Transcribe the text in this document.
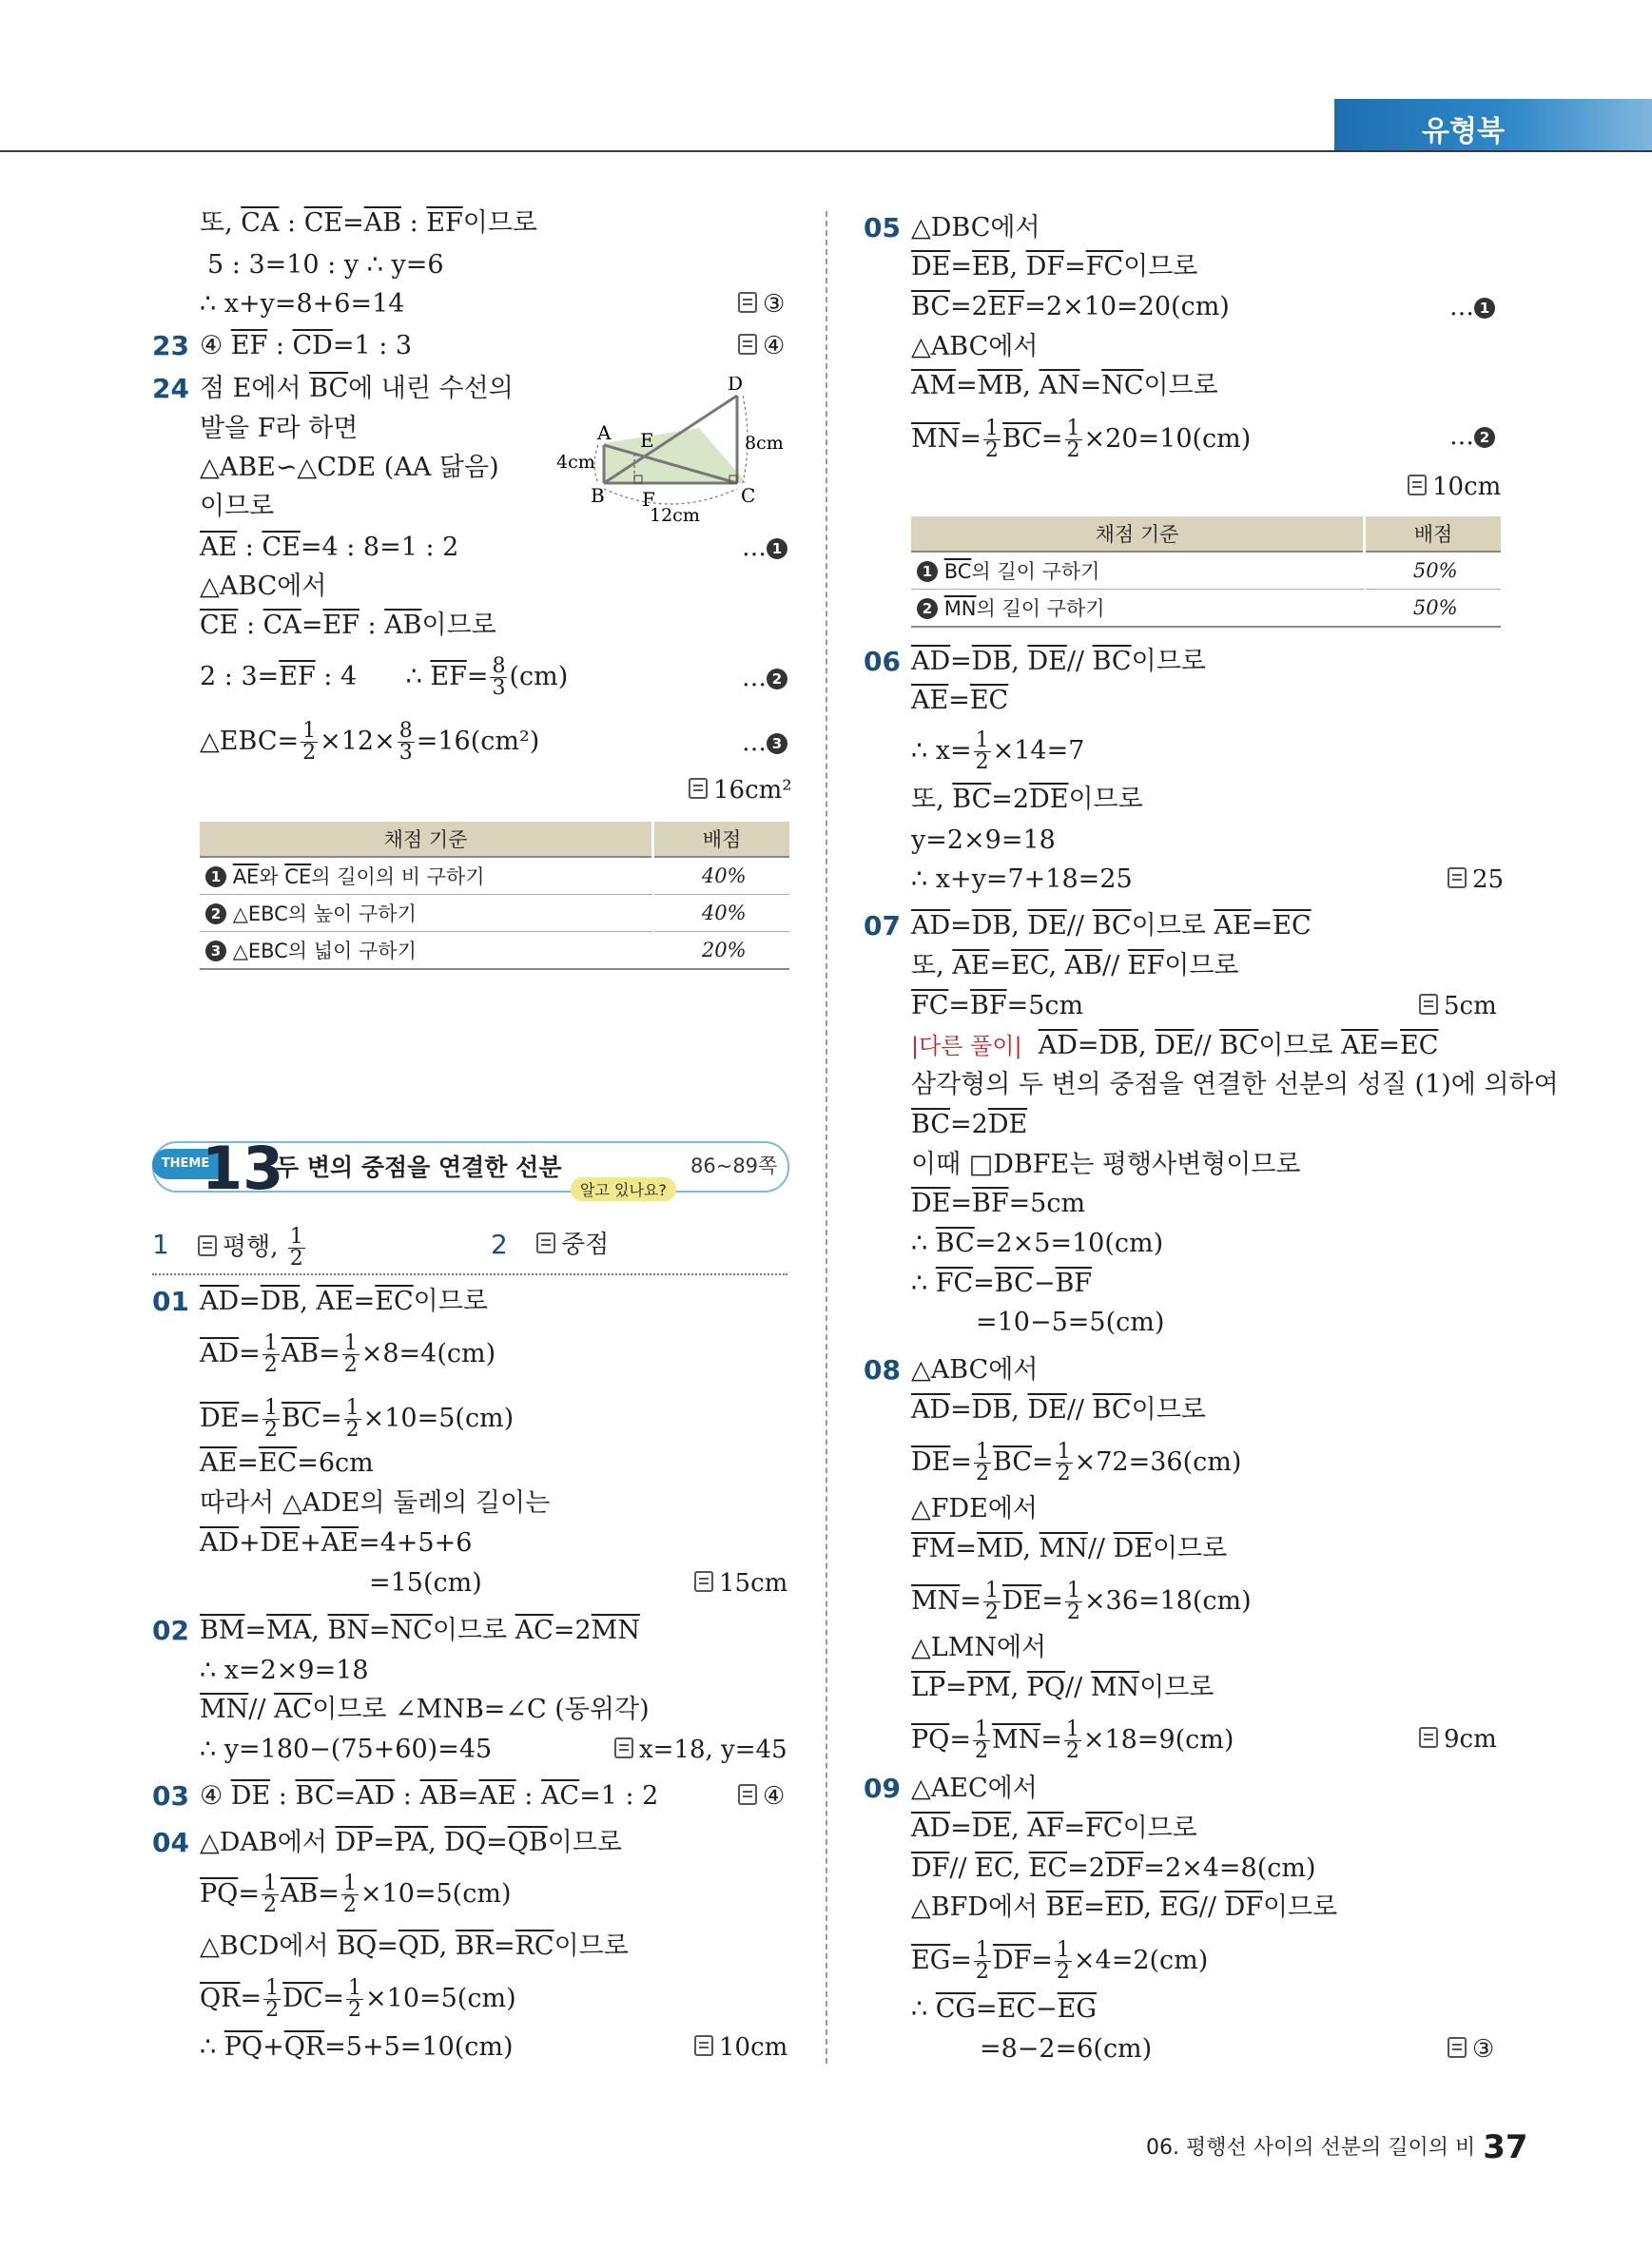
유형북
또, $\overline{CA}$ : $\overline{CE}=\overline{AB}$ : $\overline{EF}$이므로
5 : 3=10 : y ∴ y=6
∴ x+y=8+6=14	③
23 ④ $\overline{EF}$ : $\overline{CD}=1$ : 3	④
24 점 E에서 $\overline{BC}$에 내린 수선의
발을 F라 하면
△ABE∽△CDE (AA 닮음)
이므로
$\overline{AE}$ : $\overline{CE}=4$ : 8=1 : 2	… 1
△ABC에서
$\overline{CE}$ : $\overline{CA}=\overline{EF}$ : $\overline{AB}$이므로
2 : $3=\overline{EF}$ : 4      ∴ $\overline{EF}= \frac{8}{3} (cm)$	… 2
△EBC= $\frac{1}{2} \times 12\times \frac{8}{3} =16(cm^2)$	… 3
16cm²
A
B	C
D
E
F
4cm
8cm
12cm
채점 기준	배점
1 $\overline{AE}$와 $\overline{CE}$의 길이의 비 구하기	40%
2 △EBC의 높이 구하기	40%
3 △EBC의 넓이 구하기	20%
THEME
13
두 변의 중점을 연결한 선분	86~89쪽
알고 있나요?
1	평행, $\frac{1}{2}$	2	중점
01 $\overline{AD}=\overline{DB}$, $\overline{AE}=\overline{EC}$이므로
$\overline{AD}= \frac{1}{2} \overline{AB}= \frac{1}{2} \times 8=4(cm)$
$\overline{DE}= \frac{1}{2} \overline{BC}= \frac{1}{2} \times 10=5(cm)$
$\overline{AE}=\overline{EC}=6cm$
따라서 △ADE의 둘레의 길이는
$\overline{AD}+\overline{DE}+\overline{AE}=4+5+6$
=15(cm)	15cm
02 $\overline{BM}=\overline{MA}$, $\overline{BN}=\overline{NC}$이므로 $\overline{AC}=2\overline{MN}$
∴ x=2×9=18
$\overline{MN}//$ $\overline{AC}$이므로 ∠MNB=∠C (동위각)
∴ y=180−(75+60)=45	x=18, y=45
03 ④ $\overline{DE}$ : $\overline{BC}=\overline{AD}$ : $\overline{AB}=\overline{AE}$ : $\overline{AC}=1$ : 2	④
04 △DAB에서 $\overline{DP}=\overline{PA}$, $\overline{DQ}=\overline{QB}$이므로
$\overline{PQ}= \frac{1}{2} \overline{AB}= \frac{1}{2} \times 10=5(cm)$
△BCD에서 $\overline{BQ}=\overline{QD}$, $\overline{BR}=\overline{RC}$이므로
$\overline{QR}= \frac{1}{2} \overline{DC}= \frac{1}{2} \times 10=5(cm)$
∴ $\overline{PQ}+\overline{QR}=5+5=10(cm)$	10cm
05 △DBC에서
$\overline{DE}=\overline{EB}$, $\overline{DF}=\overline{FC}$이므로
$\overline{BC}=2\overline{EF}=2\times 10=20(cm)$	… 1
△ABC에서
$\overline{AM}=\overline{MB}$, $\overline{AN}=\overline{NC}$이므로
$\overline{MN}= \frac{1}{2} \overline{BC}= \frac{1}{2} \times 20=10(cm)$	… 2
10cm
채점 기준	배점
1 $\overline{BC}$의 길이 구하기	50%
2 $\overline{MN}$의 길이 구하기	50%
06 $\overline{AD}=\overline{DB}$, $\overline{DE}//$ $\overline{BC}$이므로
$\overline{AE}=\overline{EC}$
∴ $x= \frac{1}{2} \times 14=7$
또, $\overline{BC}=2\overline{DE}$이므로
y=2×9=18
∴ x+y=7+18=25	25
07 $\overline{AD}=\overline{DB}$, $\overline{DE}//$ $\overline{BC}$이므로 $\overline{AE}=\overline{EC}$
또, $\overline{AE}=\overline{EC}$, $\overline{AB}//$ $\overline{EF}$이므로
$\overline{FC}=\overline{BF}=5cm$	5cm
|다른 풀이| $\overline{AD}=\overline{DB}$, $\overline{DE}//$ $\overline{BC}$이므로 $\overline{AE}=\overline{EC}$
삼각형의 두 변의 중점을 연결한 선분의 성질 (1)에 의하여
$\overline{BC}=2\overline{DE}$
이때 □DBFE는 평행사변형이므로
$\overline{DE}=\overline{BF}=5cm$
∴ $\overline{BC}=2\times 5=10(cm)$
∴ $\overline{FC}=\overline{BC}-\overline{BF}$
=10−5=5(cm)
08 △ABC에서
$\overline{AD}=\overline{DB}$, $\overline{DE}//$ $\overline{BC}$이므로
$\overline{DE}= \frac{1}{2} \overline{BC}= \frac{1}{2} \times 72=36(cm)$
△FDE에서
$\overline{FM}=\overline{MD}$, $\overline{MN}//$ $\overline{DE}$이므로
$\overline{MN}= \frac{1}{2} \overline{DE}= \frac{1}{2} \times 36=18(cm)$
△LMN에서
$\overline{LP}=\overline{PM}$, $\overline{PQ}//$ $\overline{MN}$이므로
$\overline{PQ}= \frac{1}{2} \overline{MN}= \frac{1}{2} \times 18=9(cm)$	9cm
09 △AEC에서
$\overline{AD}=\overline{DE}$, $\overline{AF}=\overline{FC}$이므로
$\overline{DF}//$ $\overline{EC}$, $\overline{EC}=2\overline{DF}=2\times 4=8(cm)$
△BFD에서 $\overline{BE}=\overline{ED}$, $\overline{EG}//$ $\overline{DF}$이므로
$\overline{EG}= \frac{1}{2} \overline{DF}= \frac{1}{2} \times 4=2(cm)$
∴ $\overline{CG}=\overline{EC}-\overline{EG}$
=8−2=6(cm)	③
06. 평행선 사이의 선분의 길이의 비 37
